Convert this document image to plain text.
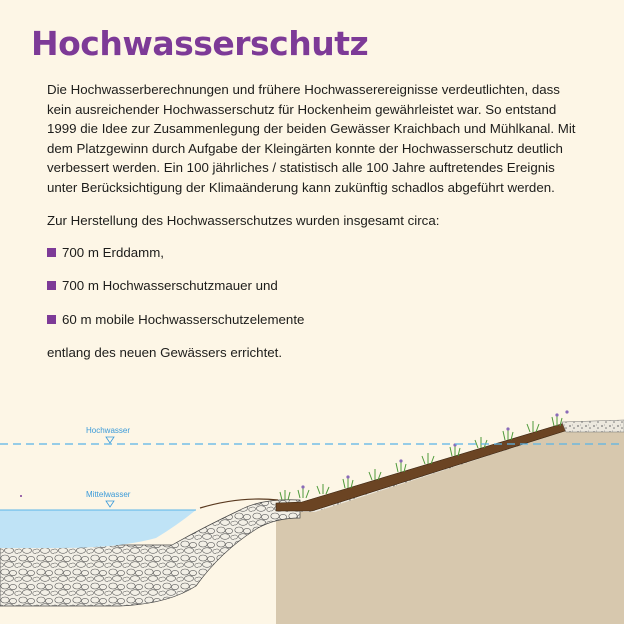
Hochwasserschutz

Die Hochwasserberechnungen und frühere Hochwasserereignisse verdeutlichten, dass kein ausreichender Hochwasserschutz für Hockenheim gewährleistet war. So entstand 1999 die Idee zur Zusammenlegung der beiden Gewässer Kraichbach und Mühlkanal. Mit dem Platzgewinn durch Aufgabe der Kleingärten konnte der Hochwasserschutz deutlich verbessert werden. Ein 100 jährliches / statistisch alle 100 Jahre auftretendes Ereignis unter Berücksichtigung der Klimaänderung kann zukünftig schadlos abgeführt werden.

Zur Herstellung des Hochwasserschutzes wurden insgesamt circa:

700 m Erddamm,
700 m Hochwasserschutzmauer und
60 m mobile Hochwasserschutzelemente

entlang des neuen Gewässers errichtet.

Hochwasser
Mittelwasser
